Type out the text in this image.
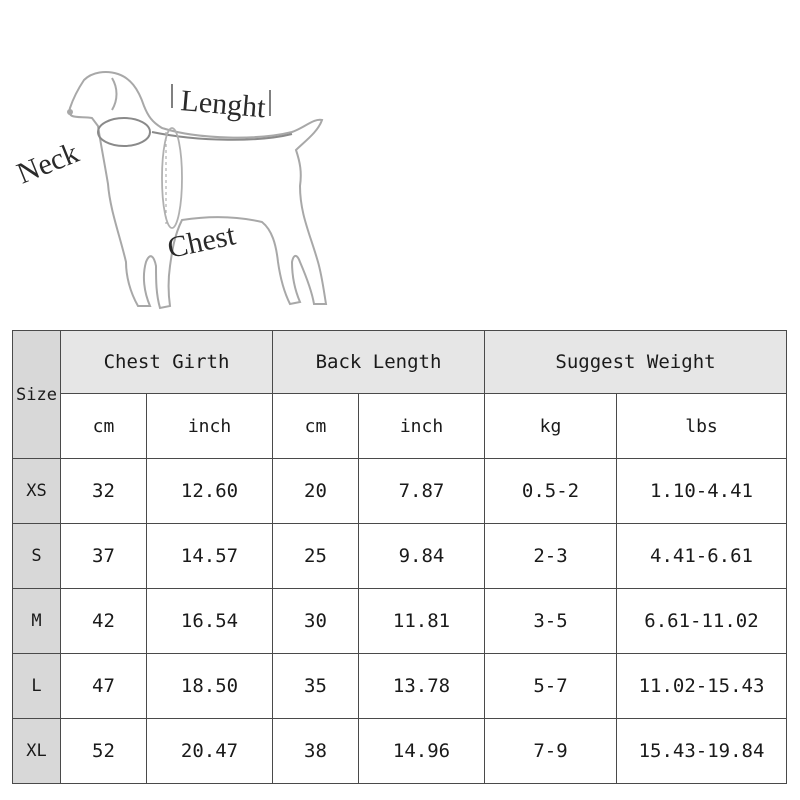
Neck
Lenght
Chest
Size	Chest Girth		Back Length		Suggest Weight	
	cm	inch	cm	inch	kg	lbs
XS	32	12.60	20	7.87	0.5-2	1.10-4.41
S	37	14.57	25	9.84	2-3	4.41-6.61
M	42	16.54	30	11.81	3-5	6.61-11.02
L	47	18.50	35	13.78	5-7	11.02-15.43
XL	52	20.47	38	14.96	7-9	15.43-19.84
